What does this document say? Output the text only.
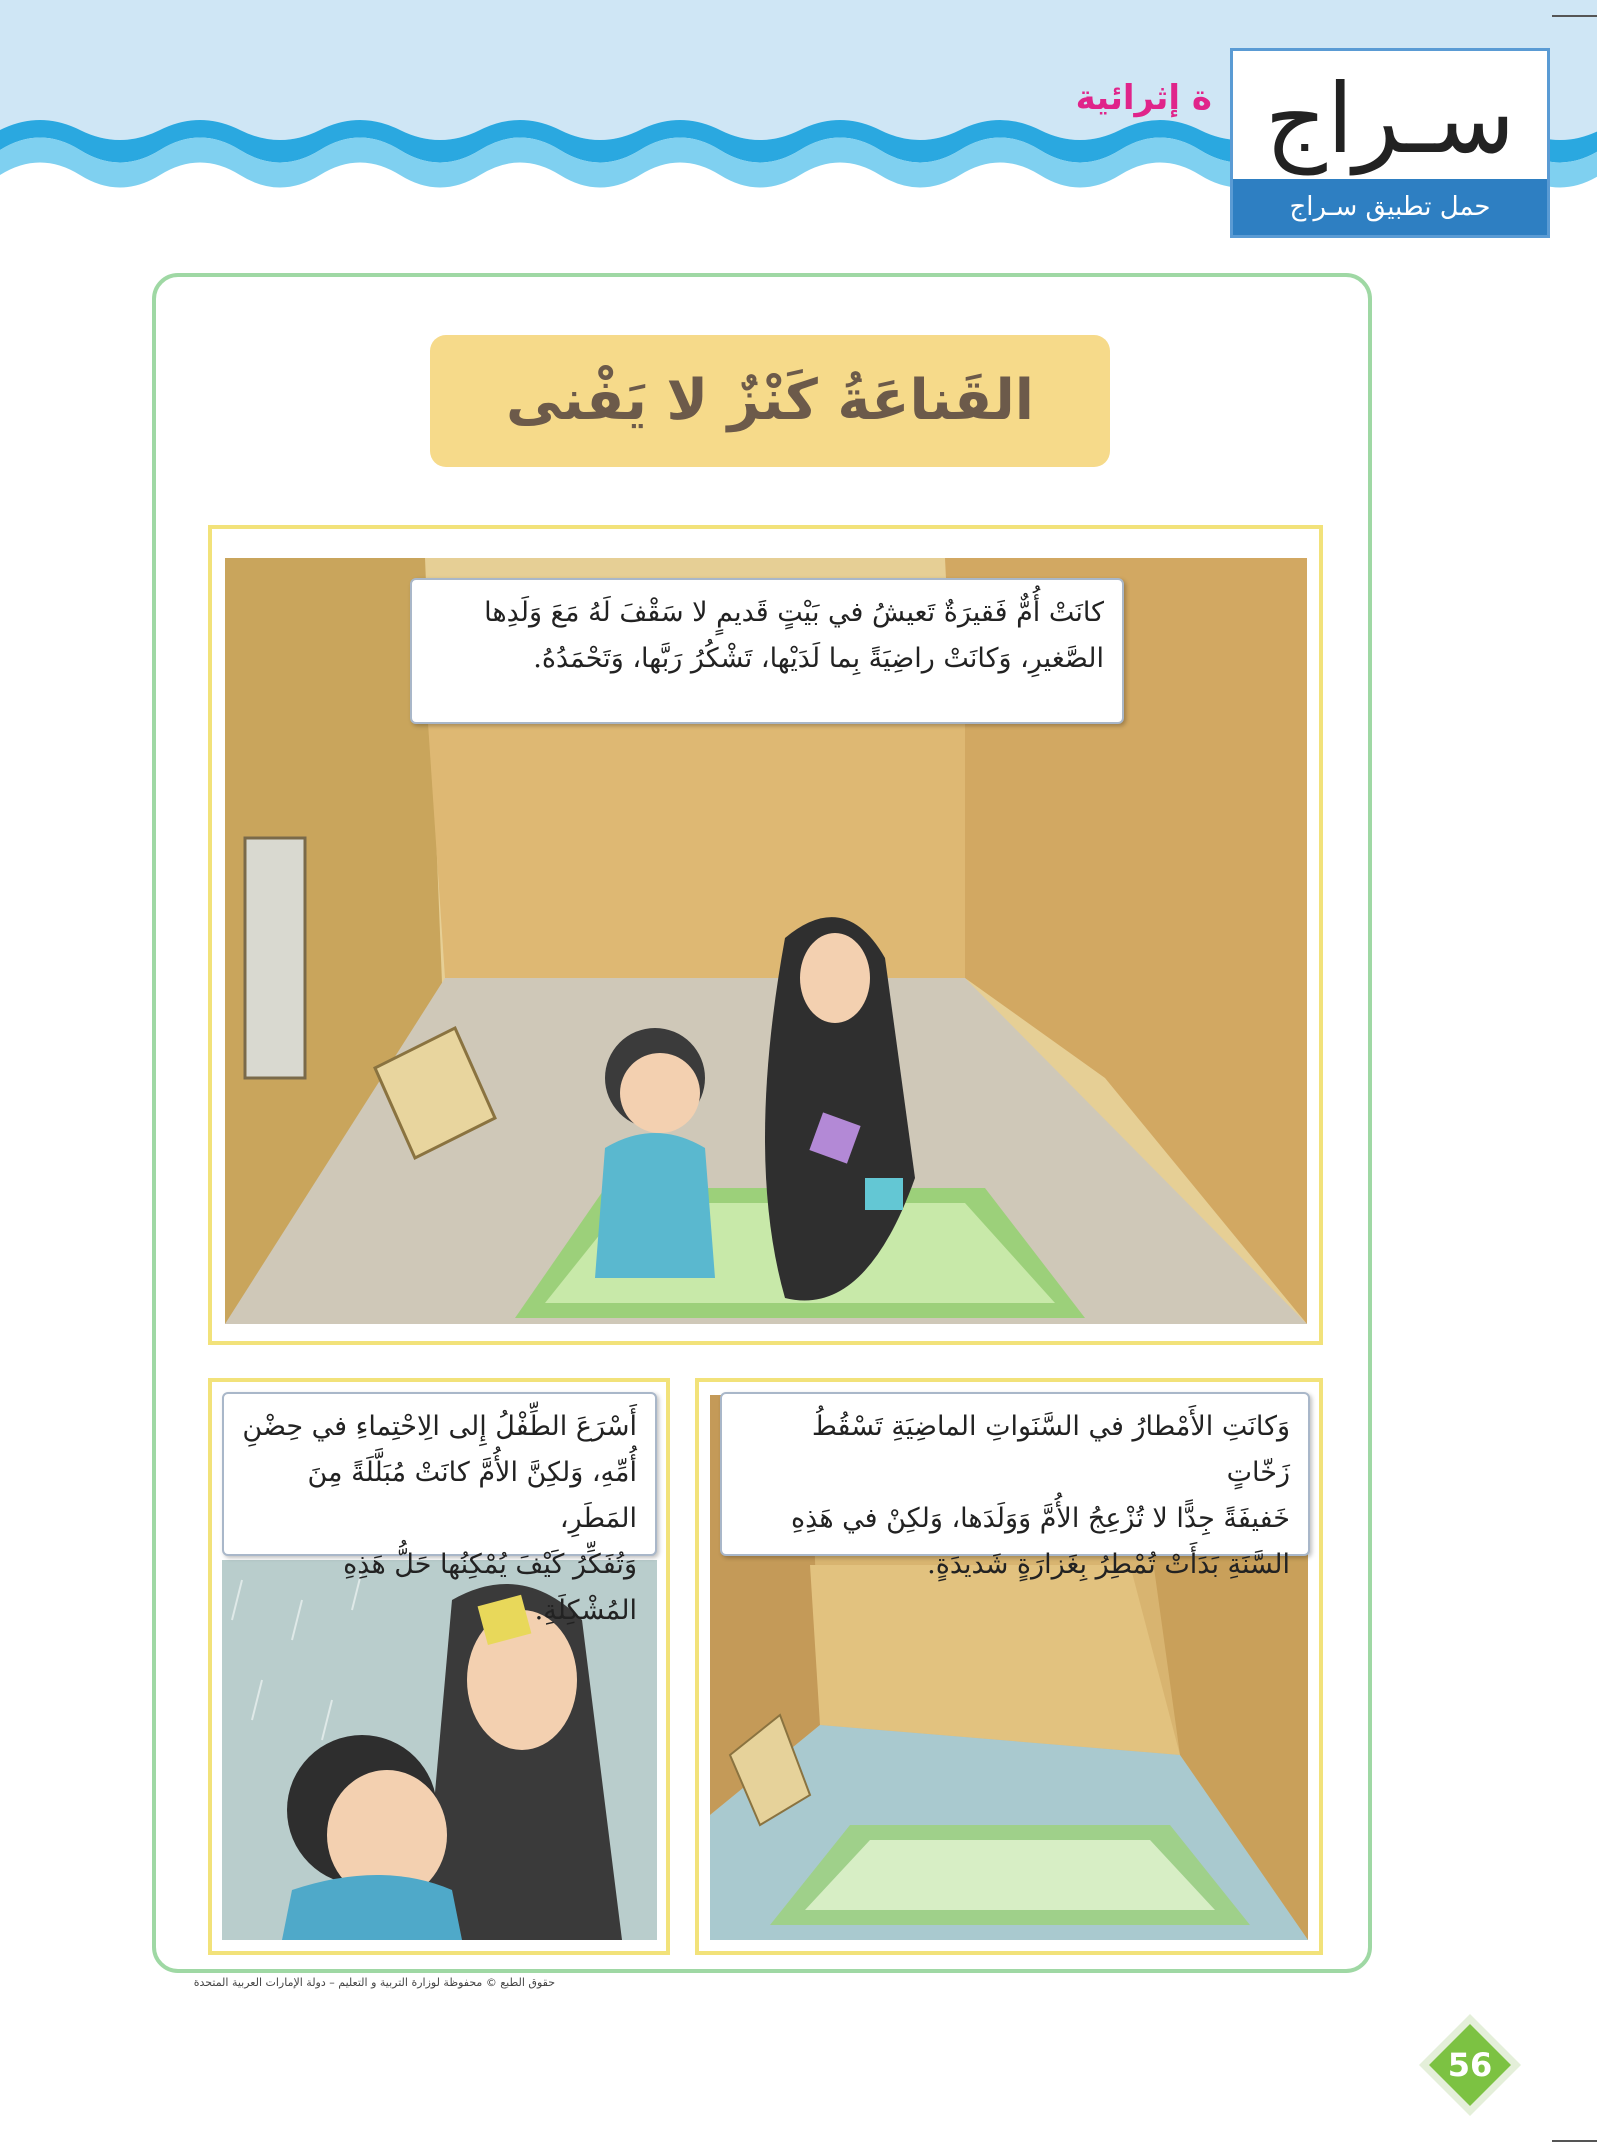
ة إثرائية سـراج
حمل تطبيق سـراج
القَناعَةُ كَنْزٌ لا يَفْنى
كانَتْ أُمٌّ فَقيرَةٌ تَعيشُ في بَيْتٍ قَديمٍ لا سَقْفَ لَهُ مَعَ وَلَدِها
الصَّغيرِ، وَكانَتْ راضِيَةً بِما لَدَيْها، تَشْكُرُ رَبَّها، وَتَحْمَدُهُ.
وَكانَتِ الأَمْطارُ في السَّنَواتِ الماضِيَةِ تَسْقُطُ زَخّاتٍ
خَفيفَةً جِدًّا لا تُزْعِجُ الأُمَّ وَوَلَدَها، وَلكِنْ في هَذِهِ
السَّنَةِ بَدَأَتْ تُمْطِرُ بِغَزارَةٍ شَديدَةٍ.
أَسْرَعَ الطِّفْلُ إِلى الِاحْتِماءِ في حِضْنِ
أُمِّهِ، وَلكِنَّ الأُمَّ كانَتْ مُبَلَّلَةً مِنَ المَطَرِ،
وَتُفَكِّرُ كَيْفَ يُمْكِنُها حَلُّ هَذِهِ المُشْكِلَةِ.
حقوق الطبع © محفوظة لوزارة التربية و التعليم – دولة الإمارات العربية المتحدة
56
